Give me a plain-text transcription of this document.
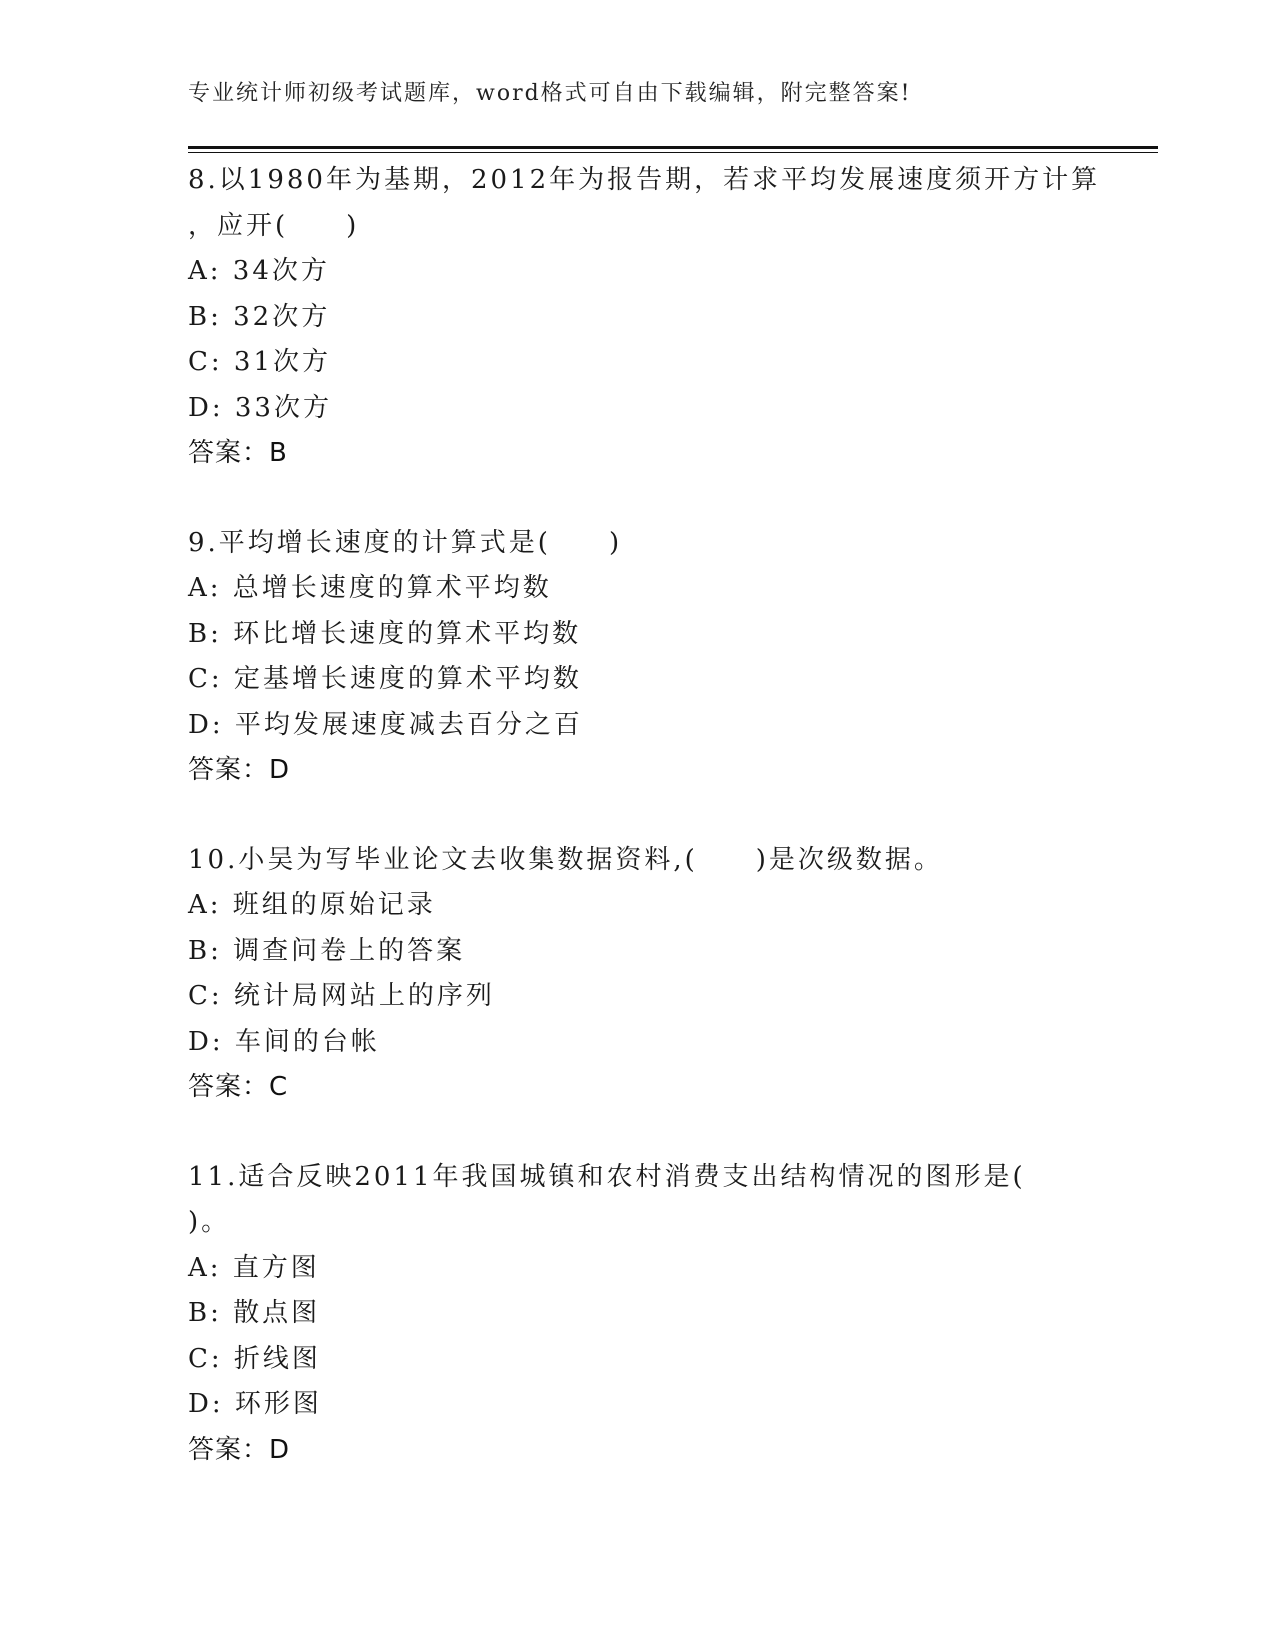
专业统计师初级考试题库，word格式可自由下载编辑，附完整答案!
8.以1980年为基期，2012年为报告期，若求平均发展速度须开方计算
，应开(　　)
A: 34次方
B: 32次方
C: 31次方
D: 33次方
答案：B
9.平均增长速度的计算式是(　　)
A: 总增长速度的算术平均数
B: 环比增长速度的算术平均数
C: 定基增长速度的算术平均数
D: 平均发展速度减去百分之百
答案：D
10.小吴为写毕业论文去收集数据资料,(　　)是次级数据。
A: 班组的原始记录
B: 调查问卷上的答案
C: 统计局网站上的序列
D: 车间的台帐
答案：C
11.适合反映2011年我国城镇和农村消费支出结构情况的图形是(
)。
A: 直方图
B: 散点图
C: 折线图
D: 环形图
答案：D
